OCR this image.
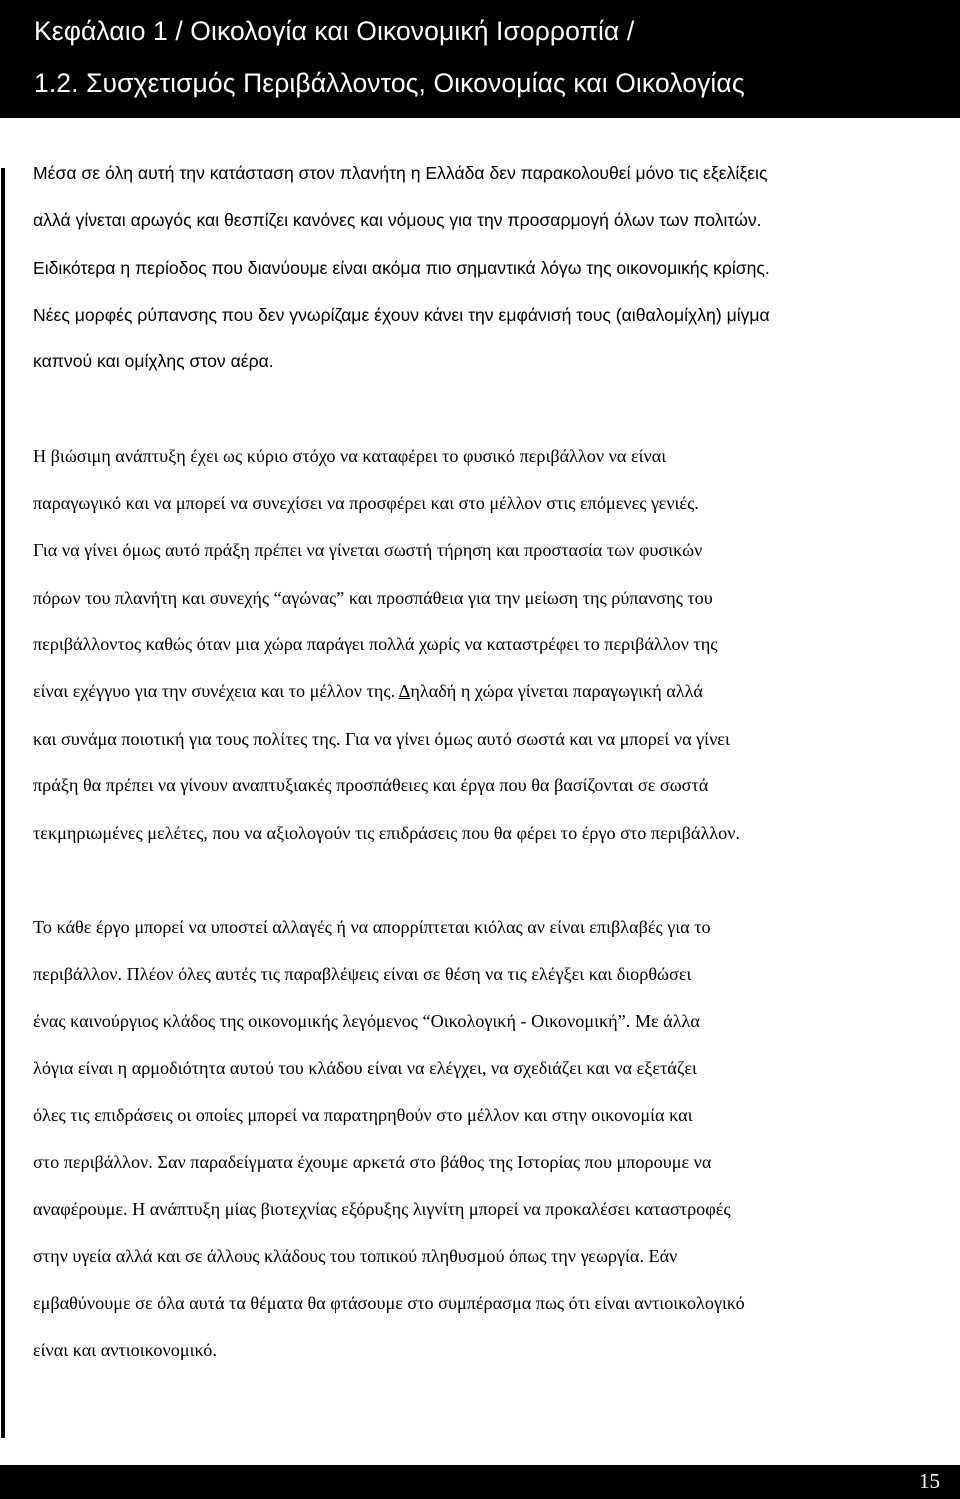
Κεφάλαιο 1 / Οικολογία και Οικονομική Ισορροπία /
1.2. Συσχετισμός Περιβάλλοντος, Οικονομίας και Οικολογίας
Μέσα σε όλη αυτή την κατάσταση στον πλανήτη η Ελλάδα δεν παρακολουθεί μόνο τις εξελίξεις
αλλά γίνεται αρωγός και θεσπίζει κανόνες και νόμους για την προσαρμογή όλων των πολιτών.
Ειδικότερα η περίοδος που διανύουμε είναι ακόμα πιο σημαντικά λόγω της οικονομικής κρίσης.
Νέες μορφές ρύπανσης που δεν γνωρίζαμε έχουν κάνει την εμφάνισή τους (αιθαλομίχλη) μίγμα
καπνού και ομίχλης στον αέρα.
Η βιώσιμη ανάπτυξη έχει ως κύριο στόχο να καταφέρει το φυσικό περιβάλλον να είναι
παραγωγικό και να μπορεί να συνεχίσει να προσφέρει και στο μέλλον στις επόμενες γενιές.
Για να γίνει όμως αυτό πράξη πρέπει να γίνεται σωστή τήρηση και προστασία των φυσικών
πόρων του πλανήτη και συνεχής “αγώνας” και προσπάθεια για την μείωση της ρύπανσης του
περιβάλλοντος καθώς όταν μια χώρα παράγει πολλά χωρίς να καταστρέφει το περιβάλλον της
είναι εχέγγυο για την συνέχεια και το μέλλον της. Δηλαδή η χώρα γίνεται παραγωγική αλλά
και συνάμα ποιοτική για τους πολίτες της. Για να γίνει όμως αυτό σωστά και να μπορεί να γίνει
πράξη θα πρέπει να γίνουν αναπτυξιακές προσπάθειες και έργα που θα βασίζονται σε σωστά
τεκμηριωμένες μελέτες, που να αξιολογούν τις επιδράσεις που θα φέρει το έργο στο περιβάλλον.
Το κάθε έργο μπορεί να υποστεί αλλαγές ή να απορρίπτεται κιόλας αν είναι επιβλαβές για το
περιβάλλον. Πλέον όλες αυτές τις παραβλέψεις είναι σε θέση να τις ελέγξει και διορθώσει
ένας καινούργιος κλάδος της οικονομικής λεγόμενος “Οικολογική - Οικονομική”. Με άλλα
λόγια είναι η αρμοδιότητα αυτού του κλάδου είναι να ελέγχει, να σχεδιάζει και να εξετάζει
όλες τις επιδράσεις οι οποίες μπορεί να παρατηρηθούν στο μέλλον και στην οικονομία και
στο περιβάλλον. Σαν παραδείγματα έχουμε αρκετά στο βάθος της Ιστορίας που μπορουμε να
αναφέρουμε. Η ανάπτυξη μίας βιοτεχνίας εξόρυξης λιγνίτη μπορεί να προκαλέσει καταστροφές
στην υγεία αλλά και σε άλλους κλάδους του τοπικού πληθυσμού όπως την γεωργία. Εάν
εμβαθύνουμε σε όλα αυτά τα θέματα θα φτάσουμε στο συμπέρασμα πως ότι είναι αντιοικολογικό
είναι και αντιοικονομικό.
15
